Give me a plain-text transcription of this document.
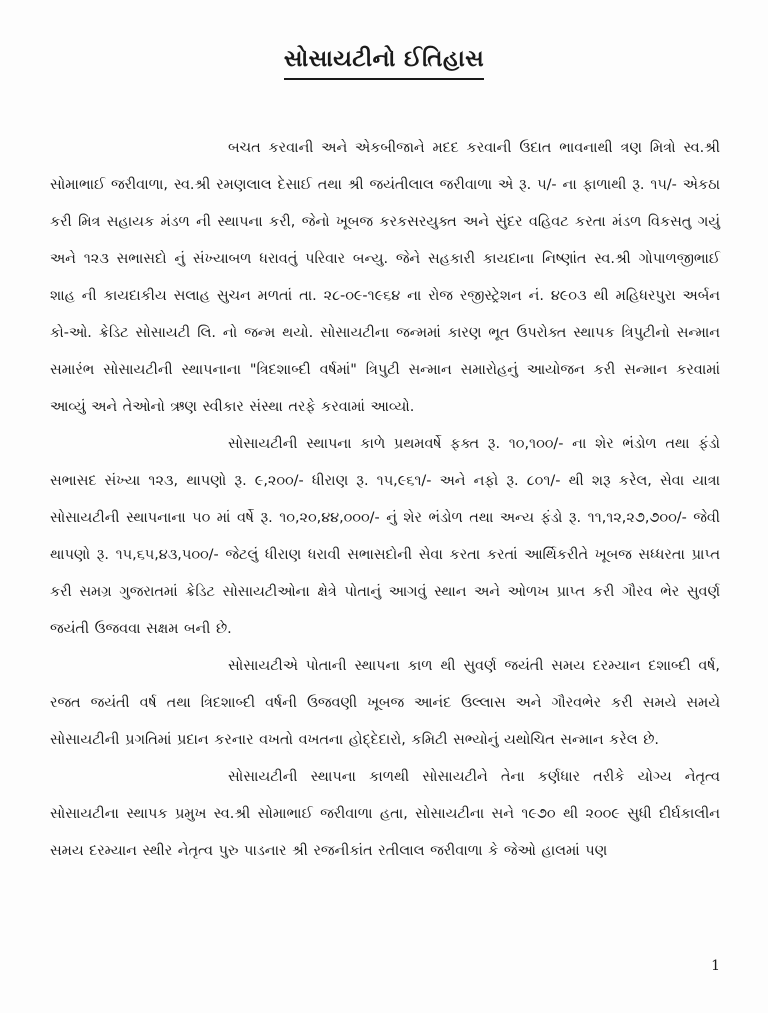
સોસાયટીનો ઈતિહાસ

બચત કરવાની અને એકબીજાને મદદ કરવાની ઉદાત ભાવનાથી ત્રણ મિત્રો સ્વ.શ્રી સોમાભાઈ જરીવાળા, સ્વ.શ્રી રમણલાલ દેસાઈ તથા શ્રી જયંતીલાલ જરીવાળા એ રૂ. ૫/- ના ફાળાથી રૂ. ૧૫/- એકઠા કરી મિત્ર સહાયક મંડળ ની સ્થાપના કરી, જેનો ખૂબજ કરકસરયુક્ત અને સુંદર વહિવટ કરતા મંડળ વિકસતુ ગયું અને ૧૨૩ સભાસદો નું સંખ્યાબળ ધરાવતું પરિવાર બન્યુ. જેને સહકારી કાયદાના નિષ્ણાંત સ્વ.શ્રી ગોપાળજીભાઈ શાહ ની કાયદાકીય સલાહ સુચન મળતાં તા. ૨૮-૦૯-૧૯૬૪ ના રોજ રજીસ્ટ્રેશન નં. ૪૯૦૩ થી મહિધરપુરા અર્બન કો-ઓ. ક્રેડિટ સોસાયટી લિ. નો જન્મ થયો. સોસાયટીના જન્મમાં કારણ ભૂત ઉપરોક્ત સ્થાપક ત્રિપુટીનો સન્માન સમારંભ સોસાયટીની સ્થાપનાના "ત્રિદશાબ્દી વર્ષમાં" ત્રિપુટી સન્માન સમારોહનું આયોજન કરી સન્માન કરવામાં આવ્યું અને તેઓનો ઋણ સ્વીકાર સંસ્થા તરફે કરવામાં આવ્યો.

સોસાયટીની સ્થાપના કાળે પ્રથમવર્ષે ફક્ત રૂ. ૧૦,૧૦૦/- ના શેર ભંડોળ તથા ફંડો સભાસદ સંખ્યા ૧૨૩, થાપણો રૂ. ૯,૨૦૦/- ધીરાણ રૂ. ૧૫,૯૬૧/- અને નફો રૂ. ૮૦૧/- થી શરૂ કરેલ, સેવા યાત્રા સોસાયટીની સ્થાપનાના ૫૦ માં વર્ષે રૂ. ૧૦,૨૦,૪૪,૦૦૦/- નું શેર ભંડોળ તથા અન્ય ફંડો રૂ. ૧૧,૧૨,૨૭,૭૦૦/- જેવી થાપણો રૂ. ૧૫,૬૫,૪૩,૫૦૦/- જેટલું ધીરાણ ધરાવી સભાસદોની સેવા કરતા કરતાં આર્થિકરીતે ખૂબજ સધ્ધરતા પ્રાપ્ત કરી સમગ્ર ગુજરાતમાં ક્રેડિટ સોસાયટીઓના ક્ષેત્રે પોતાનું આગવું સ્થાન અને ઓળખ પ્રાપ્ત કરી ગૌરવ ભેર સુવર્ણ જયંતી ઉજવવા સક્ષમ બની છે.

સોસાયટીએ પોતાની સ્થાપના કાળ થી સુવર્ણ જયંતી સમય દરમ્યાન દશાબ્દી વર્ષ, રજત જયંતી વર્ષ તથા ત્રિદશાબ્દી વર્ષની ઉજવણી ખૂબજ આનંદ ઉલ્લાસ અને ગૌરવભેર કરી સમયે સમયે સોસાયટીની પ્રગતિમાં પ્રદાન કરનાર વખતો વખતના હોદ્દેદારો, કમિટી સભ્યોનું યથોચિત સન્માન કરેલ છે.

સોસાયટીની સ્થાપના કાળથી સોસાયટીને તેના કર્ણધાર તરીકે યોગ્ય નેતૃત્વ સોસાયટીના સ્થાપક પ્રમુખ સ્વ.શ્રી સોમાભાઈ જરીવાળા હતા, સોસાયટીના સને ૧૯૭૦ થી ૨૦૦૯ સુધી દીર્ઘકાલીન સમય દરમ્યાન સ્થીર નેતૃત્વ પુરુ પાડનાર શ્રી રજનીકાંત રતીલાલ જરીવાળા કે જેઓ હાલમાં પણ

1
